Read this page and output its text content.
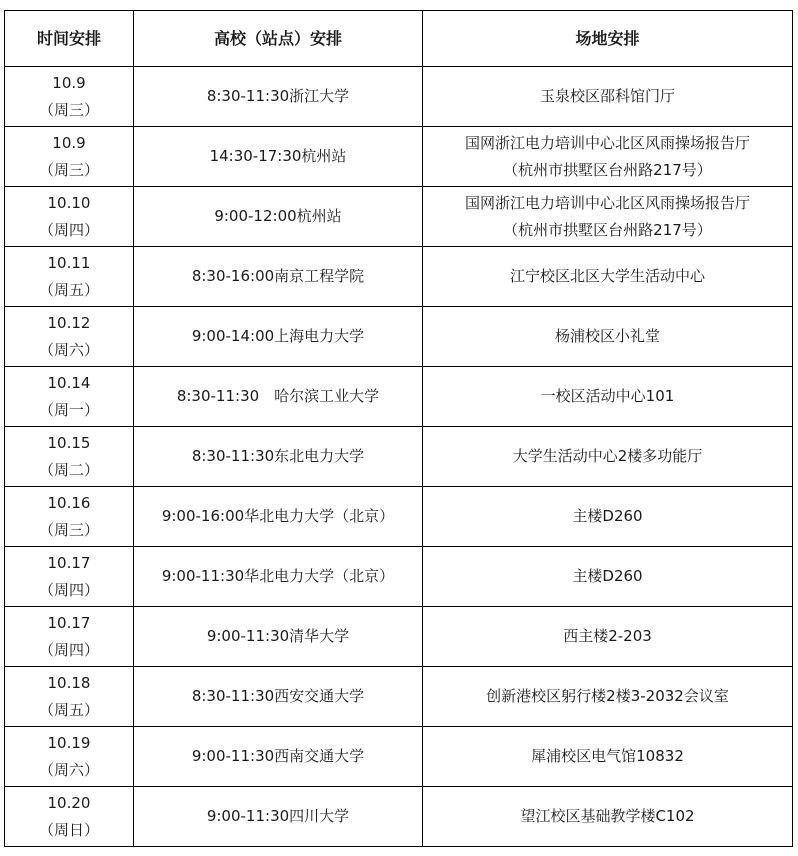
时间安排	高校（站点）安排	场地安排

10.9
（周三）	8:30-11:30浙江大学	玉泉校区邵科馆门厅

10.9
（周三）	14:30-17:30杭州站	国网浙江电力培训中心北区风雨操场报告厅
（杭州市拱墅区台州路217号）

10.10
（周四）	9:00-12:00杭州站	国网浙江电力培训中心北区风雨操场报告厅
（杭州市拱墅区台州路217号）

10.11
（周五）	8:30-16:00南京工程学院	江宁校区北区大学生活动中心

10.12
（周六）	9:00-14:00上海电力大学	杨浦校区小礼堂

10.14
（周一）	8:30-11:30　哈尔滨工业大学	一校区活动中心101

10.15
（周二）	8:30-11:30东北电力大学	大学生活动中心2楼多功能厅

10.16
（周三）	9:00-16:00华北电力大学（北京）	主楼D260

10.17
（周四）	9:00-11:30华北电力大学（北京）	主楼D260

10.17
（周四）	9:00-11:30清华大学	西主楼2-203

10.18
（周五）	8:30-11:30西安交通大学	创新港校区躬行楼2楼3-2032会议室

10.19
（周六）	9:00-11:30西南交通大学	犀浦校区电气馆10832

10.20
（周日）	9:00-11:30四川大学	望江校区基础教学楼C102
